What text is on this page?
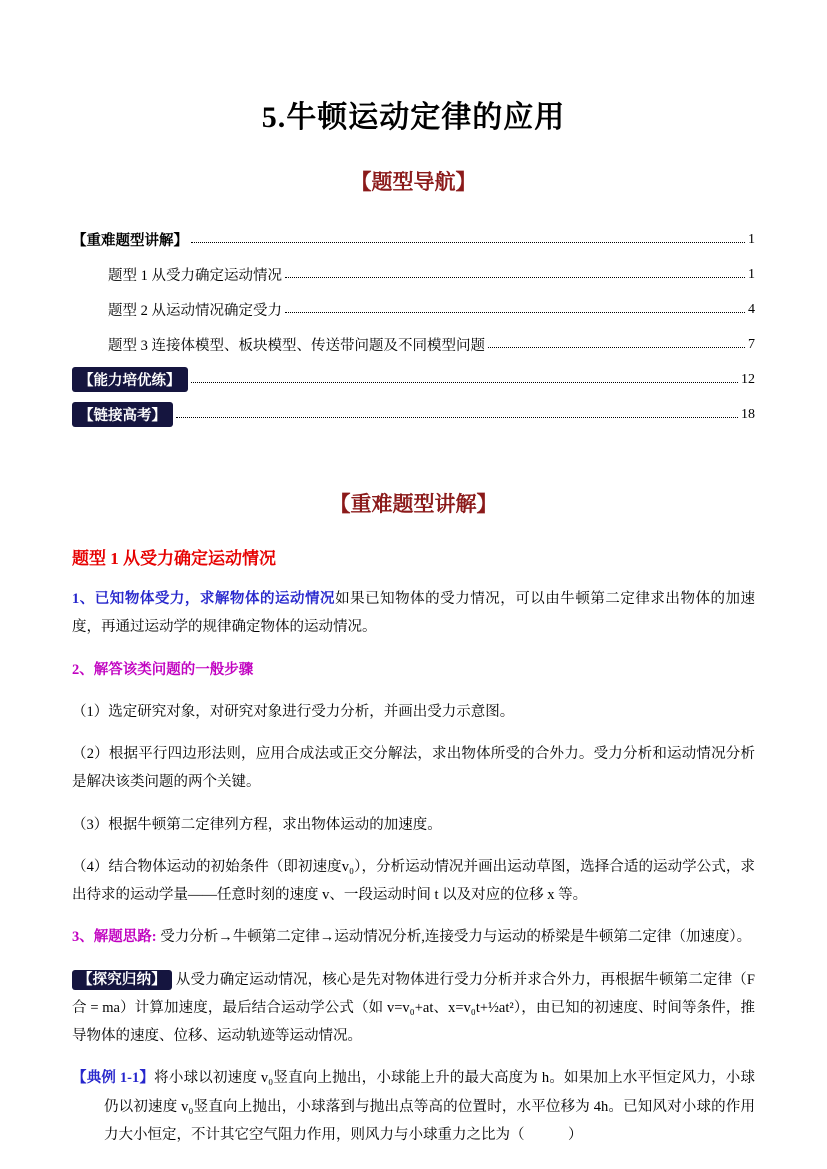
5.牛顿运动定律的应用
【题型导航】
【重难题型讲解】	1
题型 1 从受力确定运动情况	1
题型 2 从运动情况确定受力	4
题型 3 连接体模型、板块模型、传送带问题及不同模型问题	7
【能力培优练】	12
【链接高考】	18
【重难题型讲解】
题型 1 从受力确定运动情况

1、已知物体受力，求解物体的运动情况如果已知物体的受力情况，可以由牛顿第二定律求出物体的加速度，再通过运动学的规律确定物体的运动情况。

2、解答该类问题的一般步骤

（1）选定研究对象，对研究对象进行受力分析，并画出受力示意图。

（2）根据平行四边形法则，应用合成法或正交分解法，求出物体所受的合外力。受力分析和运动情况分析是解决该类问题的两个关键。

（3）根据牛顿第二定律列方程，求出物体运动的加速度。

（4）结合物体运动的初始条件（即初速度v₀），分析运动情况并画出运动草图，选择合适的运动学公式，求出待求的运动学量——任意时刻的速度 v、一段运动时间 t 以及对应的位移 x 等。

3、解题思路: 受力分析→牛顿第二定律→运动情况分析,连接受力与运动的桥梁是牛顿第二定律（加速度）。

【探究归纳】 从受力确定运动情况，核心是先对物体进行受力分析并求合外力，再根据牛顿第二定律（F合 = ma）计算加速度，最后结合运动学公式（如 v=v₀+at、x=v₀t+½at²），由已知的初速度、时间等条件，推导物体的速度、位移、运动轨迹等运动情况。

【典例 1-1】将小球以初速度 v₀竖直向上抛出，小球能上升的最大高度为 h。如果加上水平恒定风力，小球仍以初速度 v₀竖直向上抛出，小球落到与抛出点等高的位置时，水平位移为 4h。已知风对小球的作用力大小恒定，不计其它空气阻力作用，则风力与小球重力之比为（　　　）
